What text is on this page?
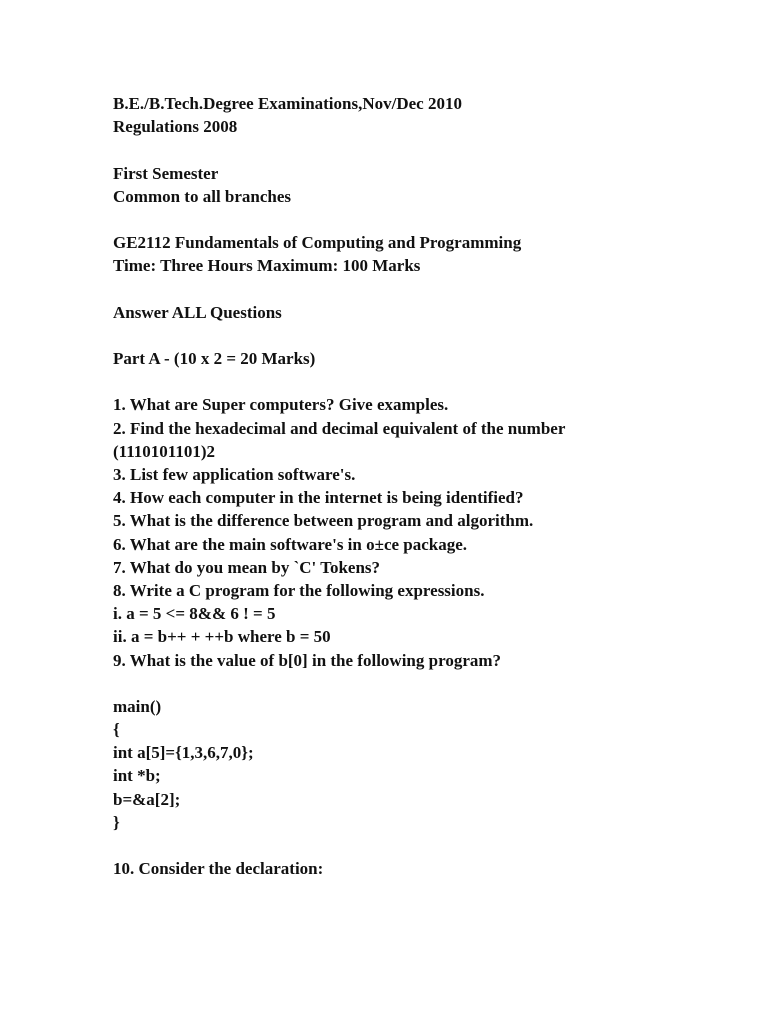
B.E./B.Tech.Degree Examinations,Nov/Dec 2010
Regulations 2008
First Semester
Common to all branches
GE2112 Fundamentals of Computing and Programming
Time: Three Hours Maximum: 100 Marks
Answer ALL Questions
Part A - (10 x 2 = 20 Marks)
1. What are Super computers? Give examples.
2. Find the hexadecimal and decimal equivalent of the number
(1110101101)2
3. List few application software's.
4. How each computer in the internet is being identified?
5. What is the difference between program and algorithm.
6. What are the main software's in o±ce package.
7. What do you mean by `C' Tokens?
8. Write a C program for the following expressions.
i. a = 5 <= 8&& 6 ! = 5
ii. a = b++ + ++b where b = 50
9. What is the value of b[0] in the following program?
main()
{
int a[5]={1,3,6,7,0};
int *b;
b=&a[2];
}
10. Consider the declaration:
